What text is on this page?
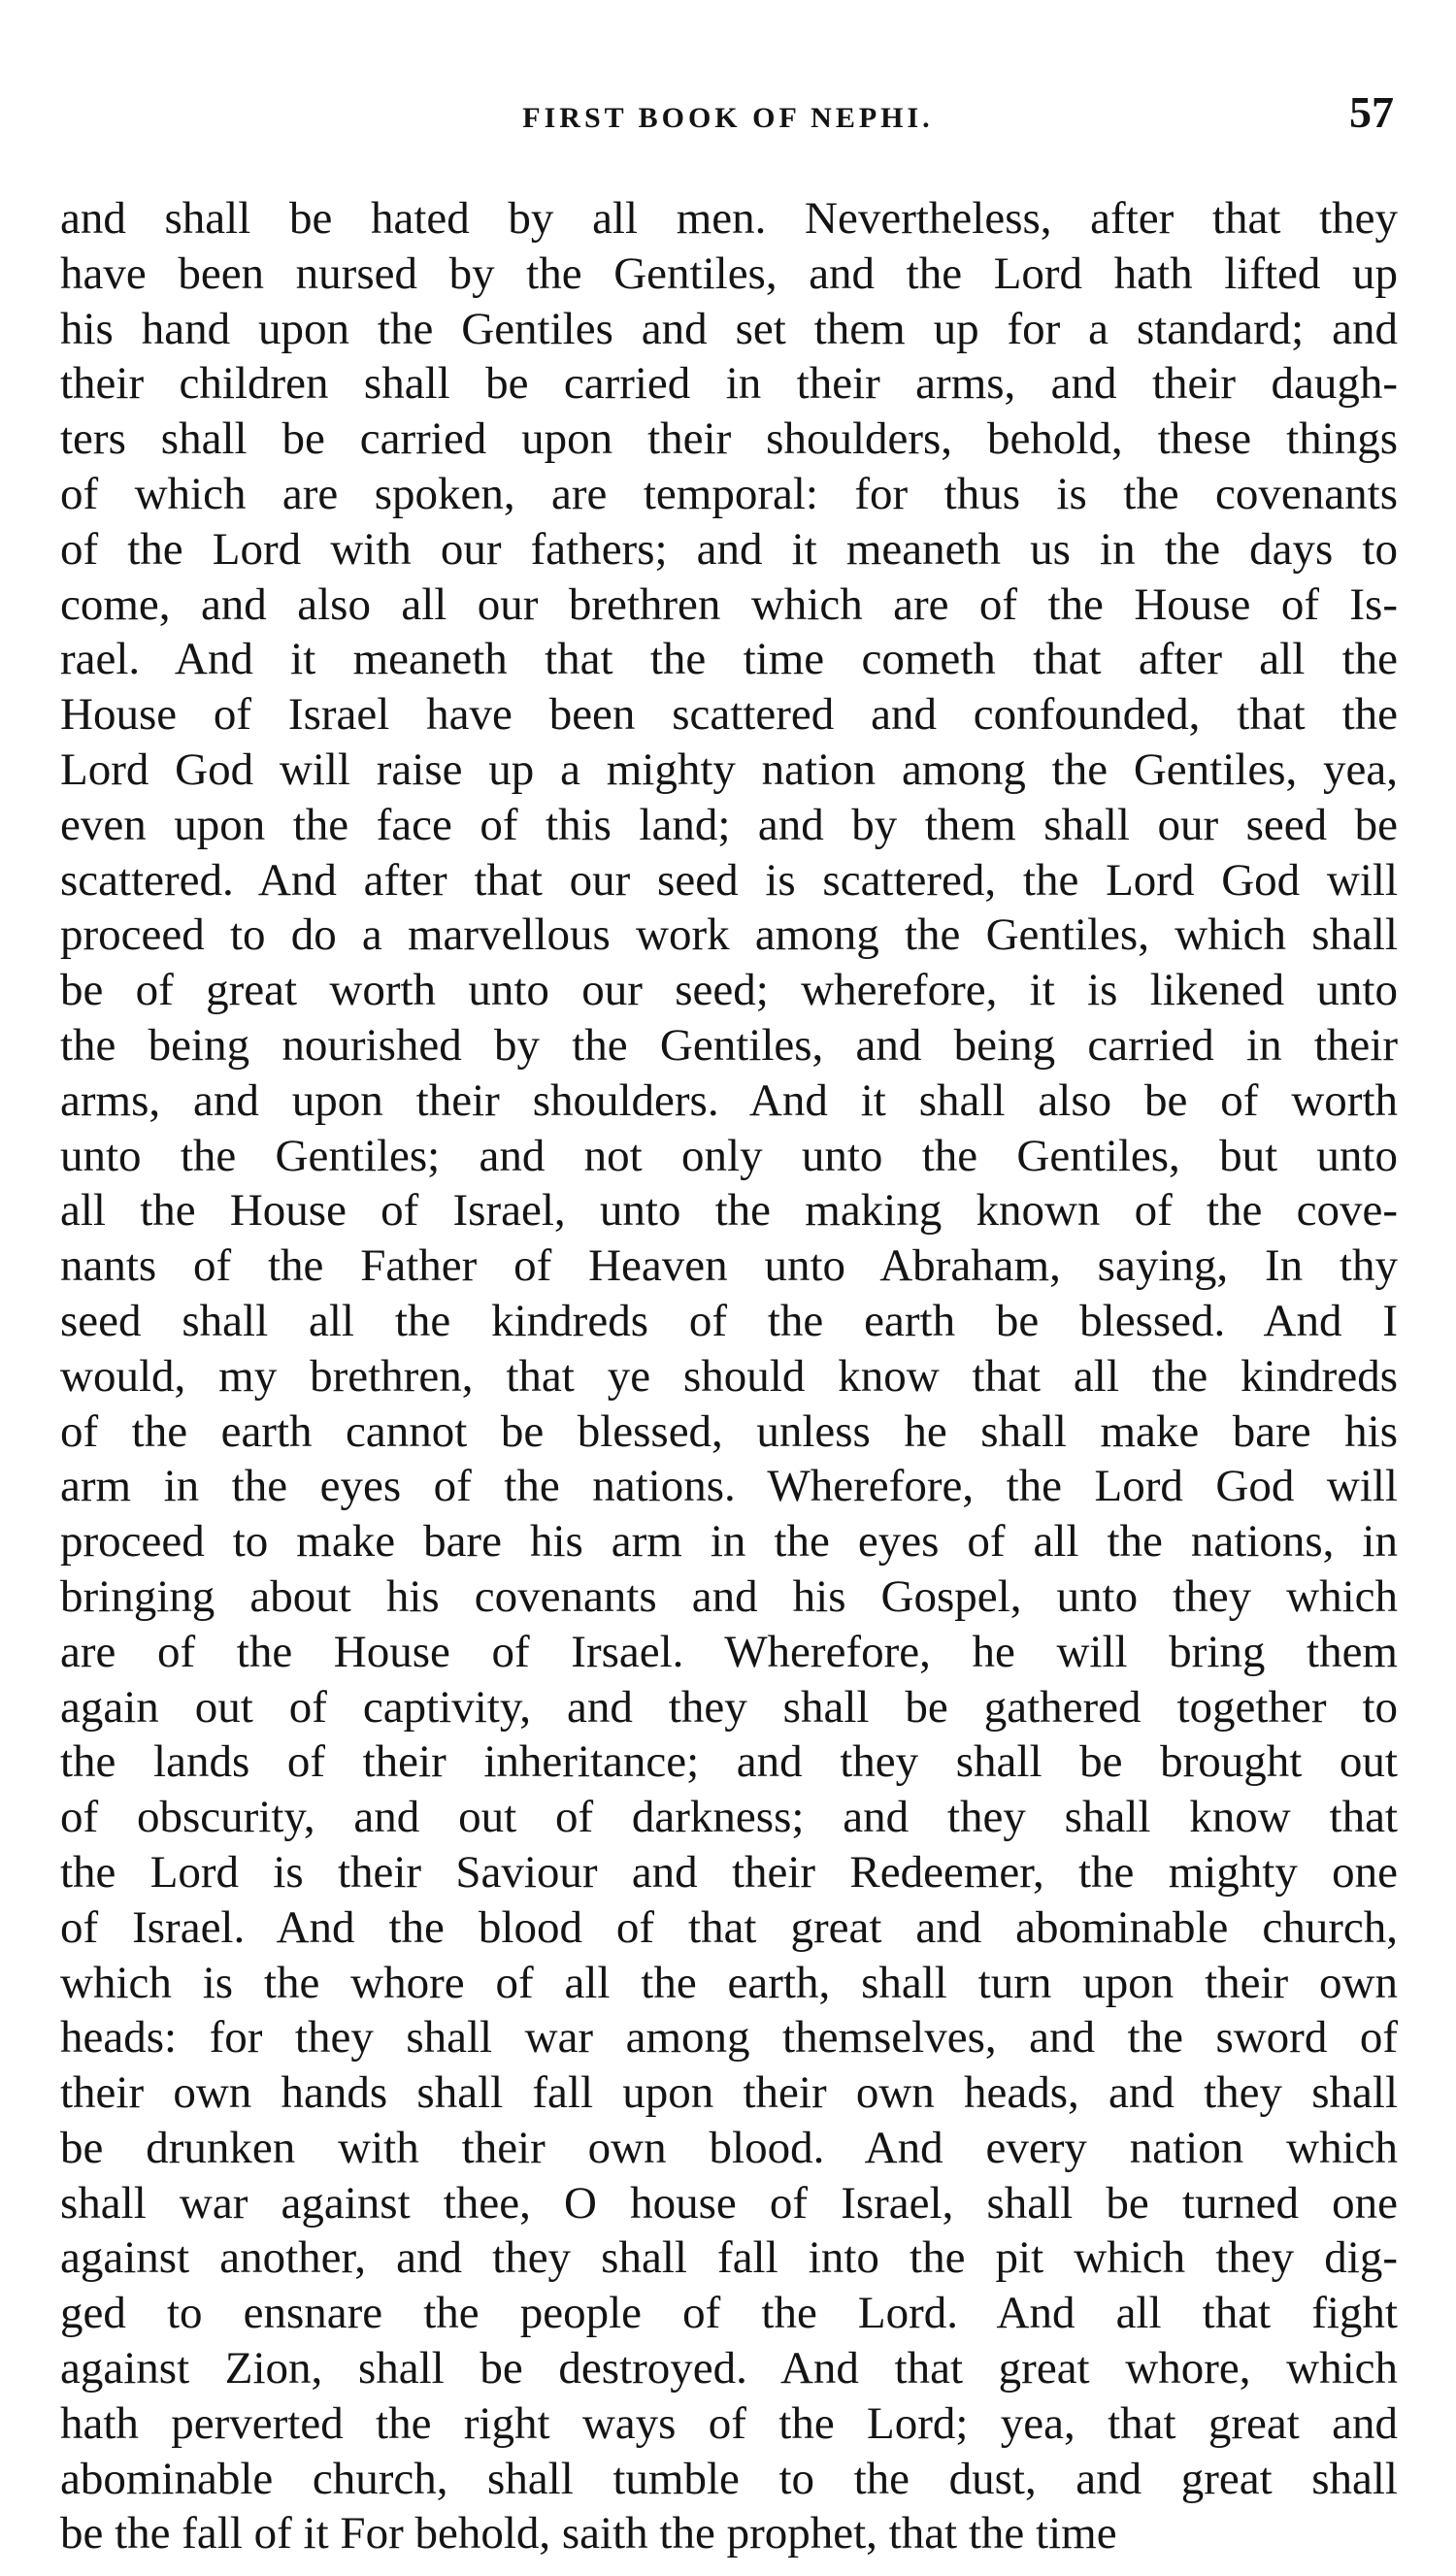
FIRST BOOK OF NEPHI.	57
and shall be hated by all men. Nevertheless, after that they
have been nursed by the Gentiles, and the Lord hath lifted up
his hand upon the Gentiles and set them up for a standard; and
their children shall be carried in their arms, and their daugh-
ters shall be carried upon their shoulders, behold, these things
of which are spoken, are temporal: for thus is the covenants
of the Lord with our fathers; and it meaneth us in the days to
come, and also all our brethren which are of the House of Is-
rael. And it meaneth that the time cometh that after all the
House of Israel have been scattered and confounded, that the
Lord God will raise up a mighty nation among the Gentiles, yea,
even upon the face of this land; and by them shall our seed be
scattered. And after that our seed is scattered, the Lord God will
proceed to do a marvellous work among the Gentiles, which shall
be of great worth unto our seed; wherefore, it is likened unto
the being nourished by the Gentiles, and being carried in their
arms, and upon their shoulders. And it shall also be of worth
unto the Gentiles; and not only unto the Gentiles, but unto
all the House of Israel, unto the making known of the cove-
nants of the Father of Heaven unto Abraham, saying, In thy
seed shall all the kindreds of the earth be blessed. And I
would, my brethren, that ye should know that all the kindreds
of the earth cannot be blessed, unless he shall make bare his
arm in the eyes of the nations. Wherefore, the Lord God will
proceed to make bare his arm in the eyes of all the nations, in
bringing about his covenants and his Gospel, unto they which
are of the House of Irsael. Wherefore, he will bring them
again out of captivity, and they shall be gathered together to
the lands of their inheritance; and they shall be brought out
of obscurity, and out of darkness; and they shall know that
the Lord is their Saviour and their Redeemer, the mighty one
of Israel. And the blood of that great and abominable church,
which is the whore of all the earth, shall turn upon their own
heads: for they shall war among themselves, and the sword of
their own hands shall fall upon their own heads, and they shall
be drunken with their own blood. And every nation which
shall war against thee, O house of Israel, shall be turned one
against another, and they shall fall into the pit which they dig-
ged to ensnare the people of the Lord. And all that fight
against Zion, shall be destroyed. And that great whore, which
hath perverted the right ways of the Lord; yea, that great and
abominable church, shall tumble to the dust, and great shall
be the fall of it For behold, saith the prophet, that the time
